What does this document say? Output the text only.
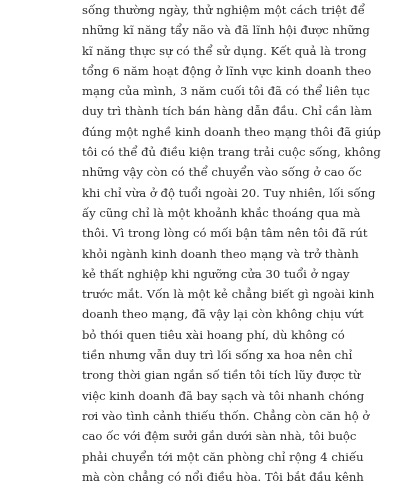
sống thường ngày, thử nghiệm một cách triệt để
những kĩ năng tẩy não và đã lĩnh hội được những
kĩ năng thực sự có thể sử dụng. Kết quả là trong
tổng 6 năm hoạt động ở lĩnh vực kinh doanh theo
mạng của mình, 3 năm cuối tôi đã có thể liên tục
duy trì thành tích bán hàng dẫn đầu. Chỉ cần làm
đúng một nghề kinh doanh theo mạng thôi đã giúp
tôi có thể đủ điều kiện trang trải cuộc sống, không
những vậy còn có thể chuyển vào sống ở cao ốc
khi chỉ vừa ở độ tuổi ngoài 20. Tuy nhiên, lối sống
ấy cũng chỉ là một khoảnh khắc thoáng qua mà
thôi. Vì trong lòng có mối bận tâm nên tôi đã rút
khỏi ngành kinh doanh theo mạng và trở thành
kẻ thất nghiệp khi ngưỡng cửa 30 tuổi ở ngay
trước mắt. Vốn là một kẻ chẳng biết gì ngoài kinh
doanh theo mạng, đã vậy lại còn không chịu vứt
bỏ thói quen tiêu xài hoang phí, dù không có
tiền nhưng vẫn duy trì lối sống xa hoa nên chỉ
trong thời gian ngắn số tiền tôi tích lũy được từ
việc kinh doanh đã bay sạch và tôi nhanh chóng
rơi vào tình cảnh thiếu thốn. Chẳng còn căn hộ ở
cao ốc với đệm sưởi gắn dưới sàn nhà, tôi buộc
phải chuyển tới một căn phòng chỉ rộng 4 chiếu
mà còn chẳng có nổi điều hòa. Tôi bắt đầu kênh
